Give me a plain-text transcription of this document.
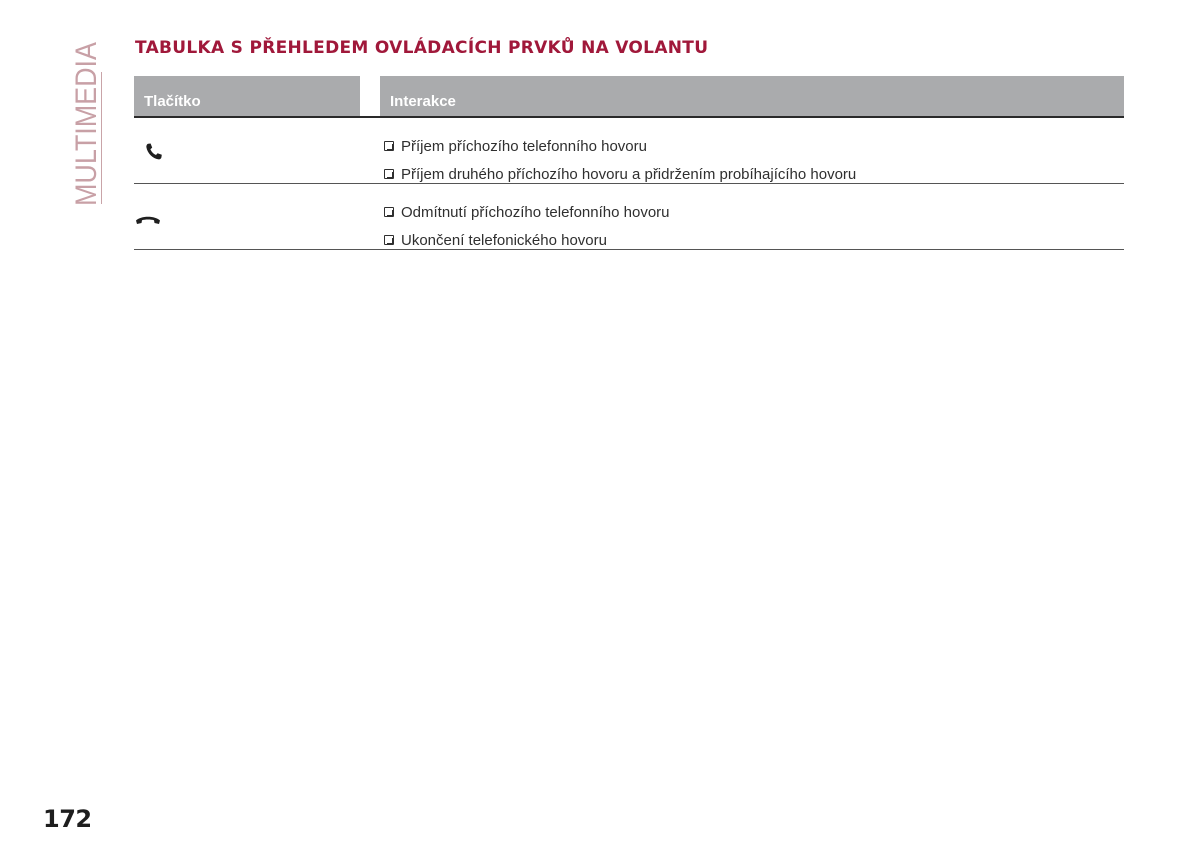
MULTIMEDIA TABULKA S PŘEHLEDEM OVLÁDACÍCH PRVKŮ NA VOLANTU
Tlačítko	Interakce
Příjem příchozího telefonního hovoru
Příjem druhého příchozího hovoru a přidržením probíhajícího hovoru
Odmítnutí příchozího telefonního hovoru
Ukončení telefonického hovoru
172
